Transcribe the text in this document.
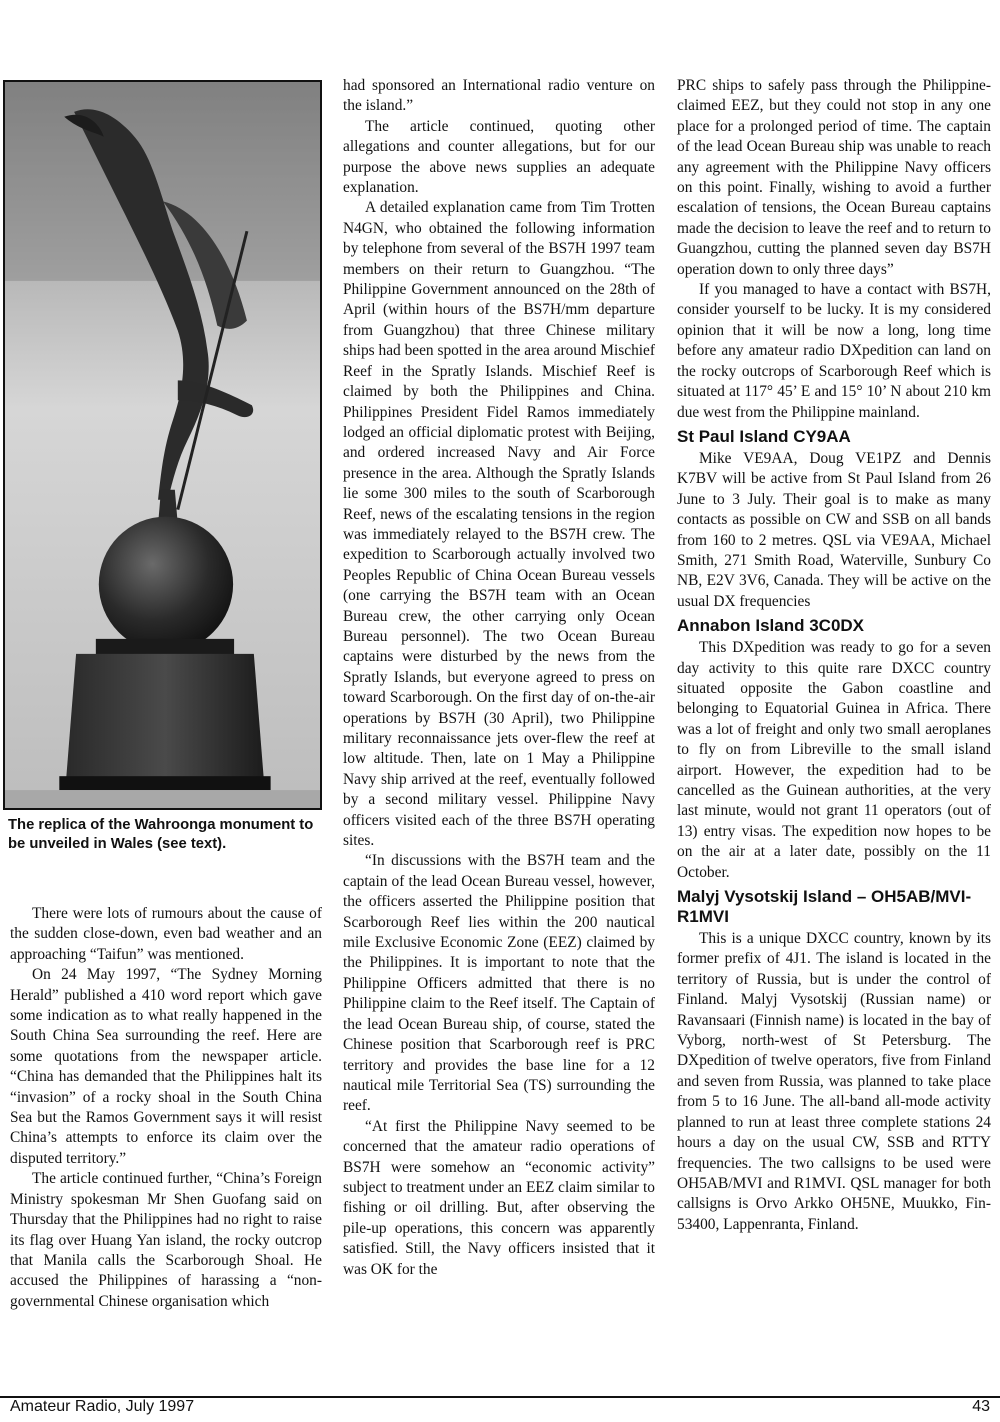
The replica of the Wahroonga monument to be unveiled in Wales (see text).

There were lots of rumours about the cause of the sudden close-down, even bad weather and an approaching “Taifun” was mentioned.

On 24 May 1997, “The Sydney Morning Herald” published a 410 word report which gave some indication as to what really happened in the South China Sea surrounding the reef. Here are some quotations from the newspaper article. “China has demanded that the Philippines halt its “invasion” of a rocky shoal in the South China Sea but the Ramos Government says it will resist China’s attempts to enforce its claim over the disputed territory.”

The article continued further, “China’s Foreign Ministry spokesman Mr Shen Guofang said on Thursday that the Philippines had no right to raise its flag over Huang Yan island, the rocky outcrop that Manila calls the Scarborough Shoal. He accused the Philippines of harassing a “non-governmental Chinese organisation which

had sponsored an International radio venture on the island.”

The article continued, quoting other allegations and counter allegations, but for our purpose the above news supplies an adequate explanation.

A detailed explanation came from Tim Trotten N4GN, who obtained the following information by telephone from several of the BS7H 1997 team members on their return to Guangzhou. “The Philippine Government announced on the 28th of April (within hours of the BS7H/mm departure from Guangzhou) that three Chinese military ships had been spotted in the area around Mischief Reef in the Spratly Islands. Mischief Reef is claimed by both the Philippines and China. Philippines President Fidel Ramos immediately lodged an official diplomatic protest with Beijing, and ordered increased Navy and Air Force presence in the area. Although the Spratly Islands lie some 300 miles to the south of Scarborough Reef, news of the escalating tensions in the region was immediately relayed to the BS7H crew. The expedition to Scarborough actually involved two Peoples Republic of China Ocean Bureau vessels (one carrying the BS7H team with an Ocean Bureau crew, the other carrying only Ocean Bureau personnel). The two Ocean Bureau captains were disturbed by the news from the Spratly Islands, but everyone agreed to press on toward Scarborough. On the first day of on-the-air operations by BS7H (30 April), two Philippine military reconnaissance jets over-flew the reef at low altitude. Then, late on 1 May a Philippine Navy ship arrived at the reef, eventually followed by a second military vessel. Philippine Navy officers visited each of the three BS7H operating sites.

“In discussions with the BS7H team and the captain of the lead Ocean Bureau vessel, however, the officers asserted the Philippine position that Scarborough Reef lies within the 200 nautical mile Exclusive Economic Zone (EEZ) claimed by the Philippines. It is important to note that the Philippine Officers admitted that there is no Philippine claim to the Reef itself. The Captain of the lead Ocean Bureau ship, of course, stated the Chinese position that Scarborough reef is PRC territory and provides the base line for a 12 nautical mile Territorial Sea (TS) surrounding the reef.

“At first the Philippine Navy seemed to be concerned that the amateur radio operations of BS7H were somehow an “economic activity” subject to treatment under an EEZ claim similar to fishing or oil drilling. But, after observing the pile-up operations, this concern was apparently satisfied. Still, the Navy officers insisted that it was OK for the

PRC ships to safely pass through the Philippine-claimed EEZ, but they could not stop in any one place for a prolonged period of time. The captain of the lead Ocean Bureau ship was unable to reach any agreement with the Philippine Navy officers on this point. Finally, wishing to avoid a further escalation of tensions, the Ocean Bureau captains made the decision to leave the reef and to return to Guangzhou, cutting the planned seven day BS7H operation down to only three days”

If you managed to have a contact with BS7H, consider yourself to be lucky. It is my considered opinion that it will be now a long, long time before any amateur radio DXpedition can land on the rocky outcrops of Scarborough Reef which is situated at 117° 45’ E and 15° 10’ N about 210 km due west from the Philippine mainland.

St Paul Island CY9AA

Mike VE9AA, Doug VE1PZ and Dennis K7BV will be active from St Paul Island from 26 June to 3 July. Their goal is to make as many contacts as possible on CW and SSB on all bands from 160 to 2 metres. QSL via VE9AA, Michael Smith, 271 Smith Road, Waterville, Sunbury Co NB, E2V 3V6, Canada. They will be active on the usual DX frequencies

Annabon Island 3C0DX

This DXpedition was ready to go for a seven day activity to this quite rare DXCC country situated opposite the Gabon coastline and belonging to Equatorial Guinea in Africa. There was a lot of freight and only two small aeroplanes to fly on from Libreville to the small island airport. However, the expedition had to be cancelled as the Guinean authorities, at the very last minute, would not grant 11 operators (out of 13) entry visas. The expedition now hopes to be on the air at a later date, possibly on the 11 October.

Malyj Vysotskij Island – OH5AB/MVI-R1MVI

This is a unique DXCC country, known by its former prefix of 4J1. The island is located in the territory of Russia, but is under the control of Finland. Malyj Vysotskij (Russian name) or Ravansaari (Finnish name) is located in the bay of Vyborg, north-west of St Petersburg. The DXpedition of twelve operators, five from Finland and seven from Russia, was planned to take place from 5 to 16 June. The all-band all-mode activity planned to run at least three complete stations 24 hours a day on the usual CW, SSB and RTTY frequencies. The two callsigns to be used were OH5AB/MVI and R1MVI. QSL manager for both callsigns is Orvo Arkko OH5NE, Muukko, Fin-53400, Lappenranta, Finland.

Amateur Radio, July 1997	43
